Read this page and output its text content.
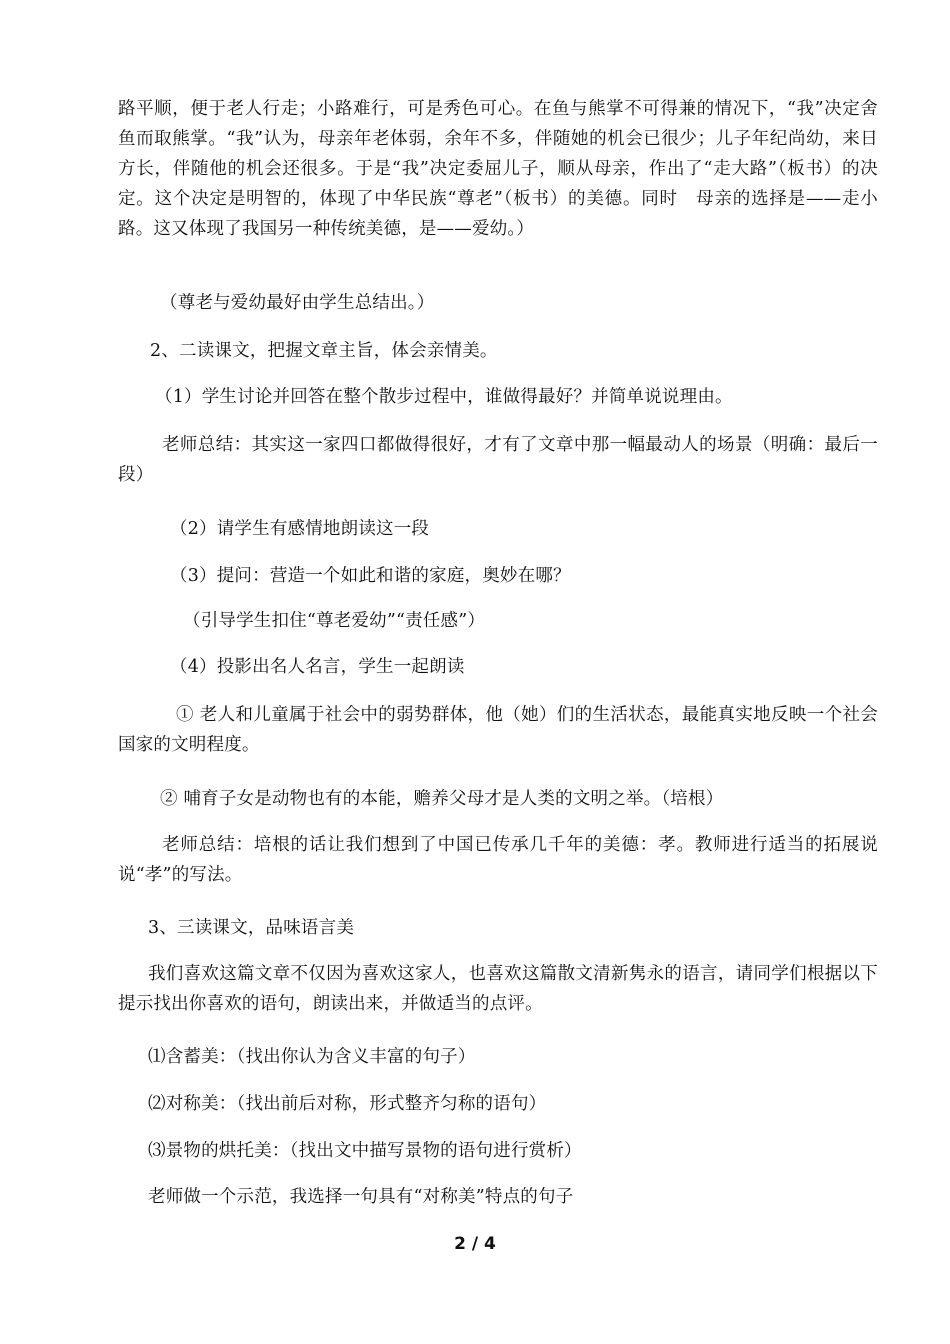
路平顺，便于老人行走；小路难行，可是秀色可心。在鱼与熊掌不可得兼的情况下，“我”决定舍鱼而取熊掌。“我”认为，母亲年老体弱，余年不多，伴随她的机会已很少；儿子年纪尚幼，来日方长，伴随他的机会还很多。于是“我”决定委屈儿子，顺从母亲，作出了“走大路”（板书）的决定。这个决定是明智的，体现了中华民族“尊老”（板书）的美德。同时　母亲的选择是——走小路。这又体现了我国另一种传统美德，是——爱幼。）

（尊老与爱幼最好由学生总结出。）

2、二读课文，把握文章主旨，体会亲情美。

（1）学生讨论并回答在整个散步过程中，谁做得最好？并简单说说理由。

老师总结：其实这一家四口都做得很好，才有了文章中那一幅最动人的场景（明确：最后一段）

（2）请学生有感情地朗读这一段

（3）提问：营造一个如此和谐的家庭，奥妙在哪？

（引导学生扣住“尊老爱幼”“责任感”）

（4）投影出名人名言，学生一起朗读

① 老人和儿童属于社会中的弱势群体，他（她）们的生活状态，最能真实地反映一个社会国家的文明程度。

② 哺育子女是动物也有的本能，赡养父母才是人类的文明之举。（培根）

老师总结：培根的话让我们想到了中国已传承几千年的美德：孝。教师进行适当的拓展说说“孝”的写法。

3、三读课文，品味语言美

我们喜欢这篇文章不仅因为喜欢这家人，也喜欢这篇散文清新隽永的语言，请同学们根据以下提示找出你喜欢的语句，朗读出来，并做适当的点评。

⑴含蓄美：（找出你认为含义丰富的句子）

⑵对称美：（找出前后对称，形式整齐匀称的语句）

⑶景物的烘托美：（找出文中描写景物的语句进行赏析）

老师做一个示范，我选择一句具有“对称美”特点的句子

2 / 4
